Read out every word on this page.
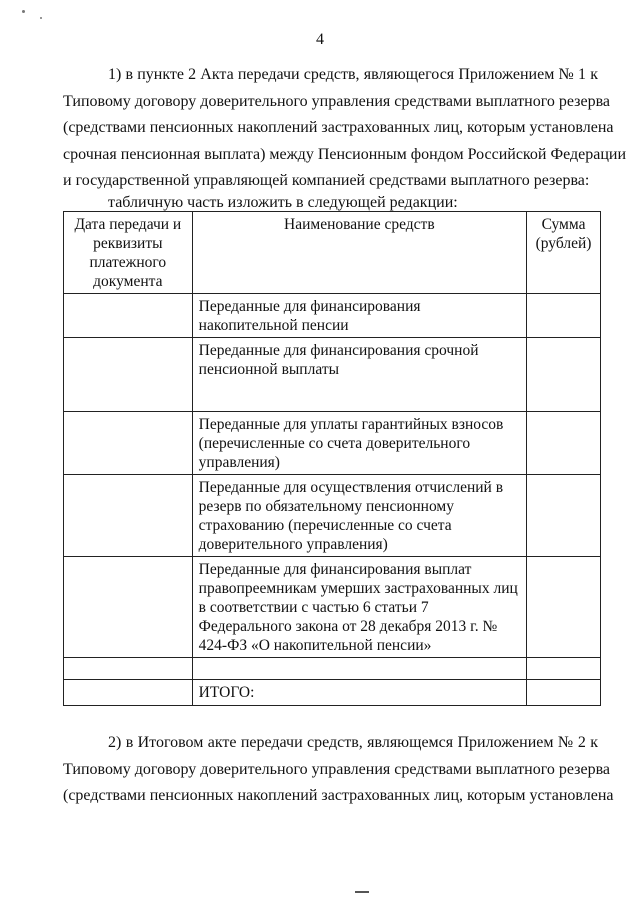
4
1) в пункте 2 Акта передачи средств, являющегося Приложением № 1 к
Типовому договору доверительного управления средствами выплатного резерва
(средствами пенсионных накоплений застрахованных лиц, которым установлена
срочная пенсионная выплата) между Пенсионным фондом Российской Федерации
и государственной управляющей компанией средствами выплатного резерва:
табличную часть изложить в следующей редакции:
Дата передачи и реквизиты платежного документа	Наименование средств	Сумма (рублей)
	Переданные для финансирования накопительной пенсии	
	Переданные для финансирования срочной пенсионной выплаты	
	Переданные для уплаты гарантийных взносов (перечисленные со счета доверительного управления)	
	Переданные для осуществления отчислений в резерв по обязательному пенсионному страхованию (перечисленные со счета доверительного управления)	
	Переданные для финансирования выплат правопреемникам умерших застрахованных лиц в соответствии с частью 6 статьи 7 Федерального закона от 28 декабря 2013 г. № 424-ФЗ «О накопительной пенсии»	

	ИТОГО:	
2) в Итоговом акте передачи средств, являющемся Приложением № 2 к
Типовому договору доверительного управления средствами выплатного резерва
(средствами пенсионных накоплений застрахованных лиц, которым установлена
